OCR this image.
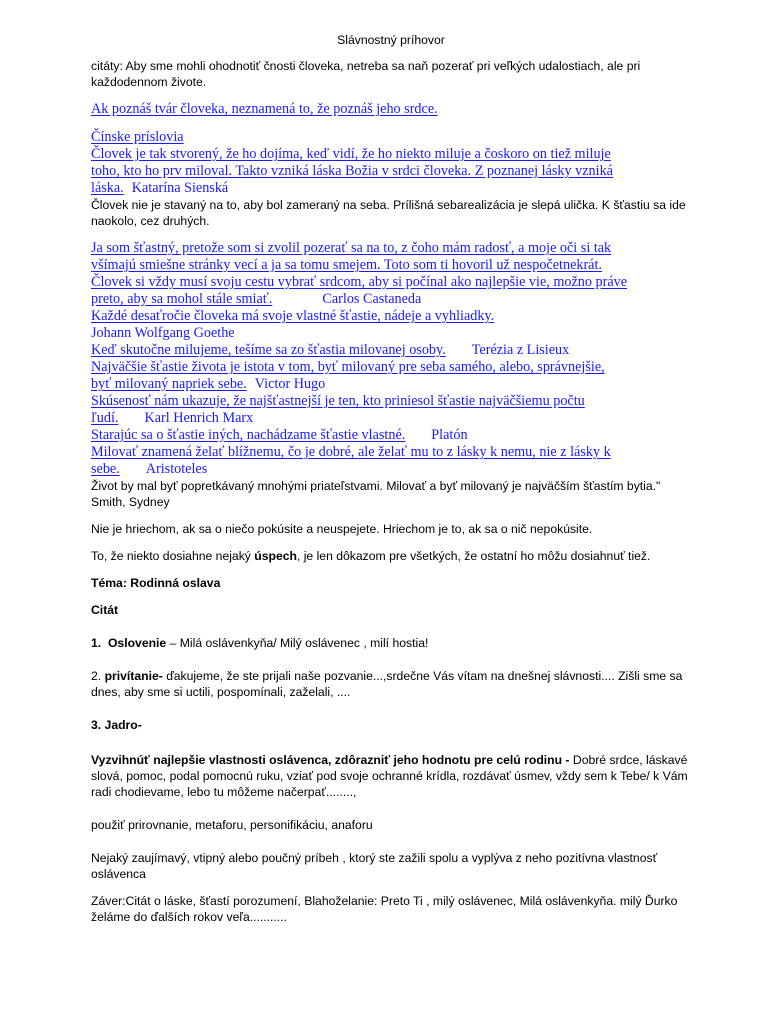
Slávnostný príhovor

citáty: Aby sme mohli ohodnotiť čnosti človeka, netreba sa naň pozerať pri veľkých udalostiach, ale pri každodennom živote.

Ak poznáš tvár človeka, neznamená to, že poznáš jeho srdce.
Čínske príslovia
Človek je tak stvorený, že ho dojíma, keď vidí, že ho niekto miluje a čoskoro on tiež miluje
toho, kto ho prv miloval. Takto vzniká láska Božia v srdci človeka. Z poznanej lásky vzniká
láska. Katarína Sienská

Človek nie je stavaný na to, aby bol zameraný na seba. Prílišná sebarealizácia je slepá ulička. K šťastiu sa ide naokolo, cez druhých.

Ja som šťastný, pretože som si zvolil pozerať sa na to, z čoho mám radosť, a moje oči si tak
všímajú smiešne stránky vecí a ja sa tomu smejem. Toto som ti hovoril už nespočetnekrát.
Človek si vždy musí svoju cestu vybrať srdcom, aby si počínal ako najlepšie vie, možno práve
preto, aby sa mohol stále smiať.	Carlos Castaneda
Každé desaťročie človeka má svoje vlastné šťastie, nádeje a vyhliadky.
Johann Wolfgang Goethe
Keď skutočne milujeme, tešíme sa zo šťastia milovanej osoby. Terézia z Lisieux
Najväčšie šťastie života je istota v tom, byť milovaný pre seba samého, alebo, správnejšie,
byť milovaný napriek sebe. Victor Hugo
Skúsenosť nám ukazuje, že najšťastnejší je ten, kto priniesol šťastie najväčšiemu počtu
ľudí. Karl Henrich Marx
Starajúc sa o šťastie iných, nachádzame šťastie vlastné. Platón
Milovať znamená želať blížnemu, čo je dobré, ale želať mu to z lásky k nemu, nie z lásky k
sebe. Aristoteles

Život by mal byť popretkávaný mnohými priateľstvami. Milovať a byť milovaný je najväčším šťastím bytia." Smith, Sydney

Nie je hriechom, ak sa o niečo pokúsite a neuspejete. Hriechom je to, ak sa o nič nepokúsite.

To, že niekto dosiahne nejaký úspech, je len dôkazom pre všetkých, že ostatní ho môžu dosiahnuť tiež.

Téma: Rodinná oslava

Citát

1. Oslovenie – Milá oslávenkyňa/ Milý oslávenec , milí hostia!

2. privítanie- ďakujeme, že ste prijali naše pozvanie...,srdečne Vás vítam na dnešnej slávnosti.... Zišli sme sa dnes, aby sme si uctili, pospomínali, zaželali, ....

3. Jadro-

Vyzvihnúť najlepšie vlastnosti oslávenca, zdôrazniť jeho hodnotu pre celú rodinu - Dobré srdce, láskavé slová, pomoc, podal pomocnú ruku, vziať pod svoje ochranné krídla, rozdávať úsmev, vždy sem k Tebe/ k Vám radi chodievame, lebo tu môžeme načerpať........,

použiť prirovnanie, metaforu, personifikáciu, anaforu

Nejaký zaujímavý, vtipný alebo poučný príbeh , ktorý ste zažili spolu a vyplýva z neho pozitívna vlastnosť oslávenca

Záver:Citát o láske, šťastí porozumení, Blahoželanie: Preto Ti , milý oslávenec, Milá oslávenkyňa. milý Ďurko želáme do ďalších rokov veľa...........
